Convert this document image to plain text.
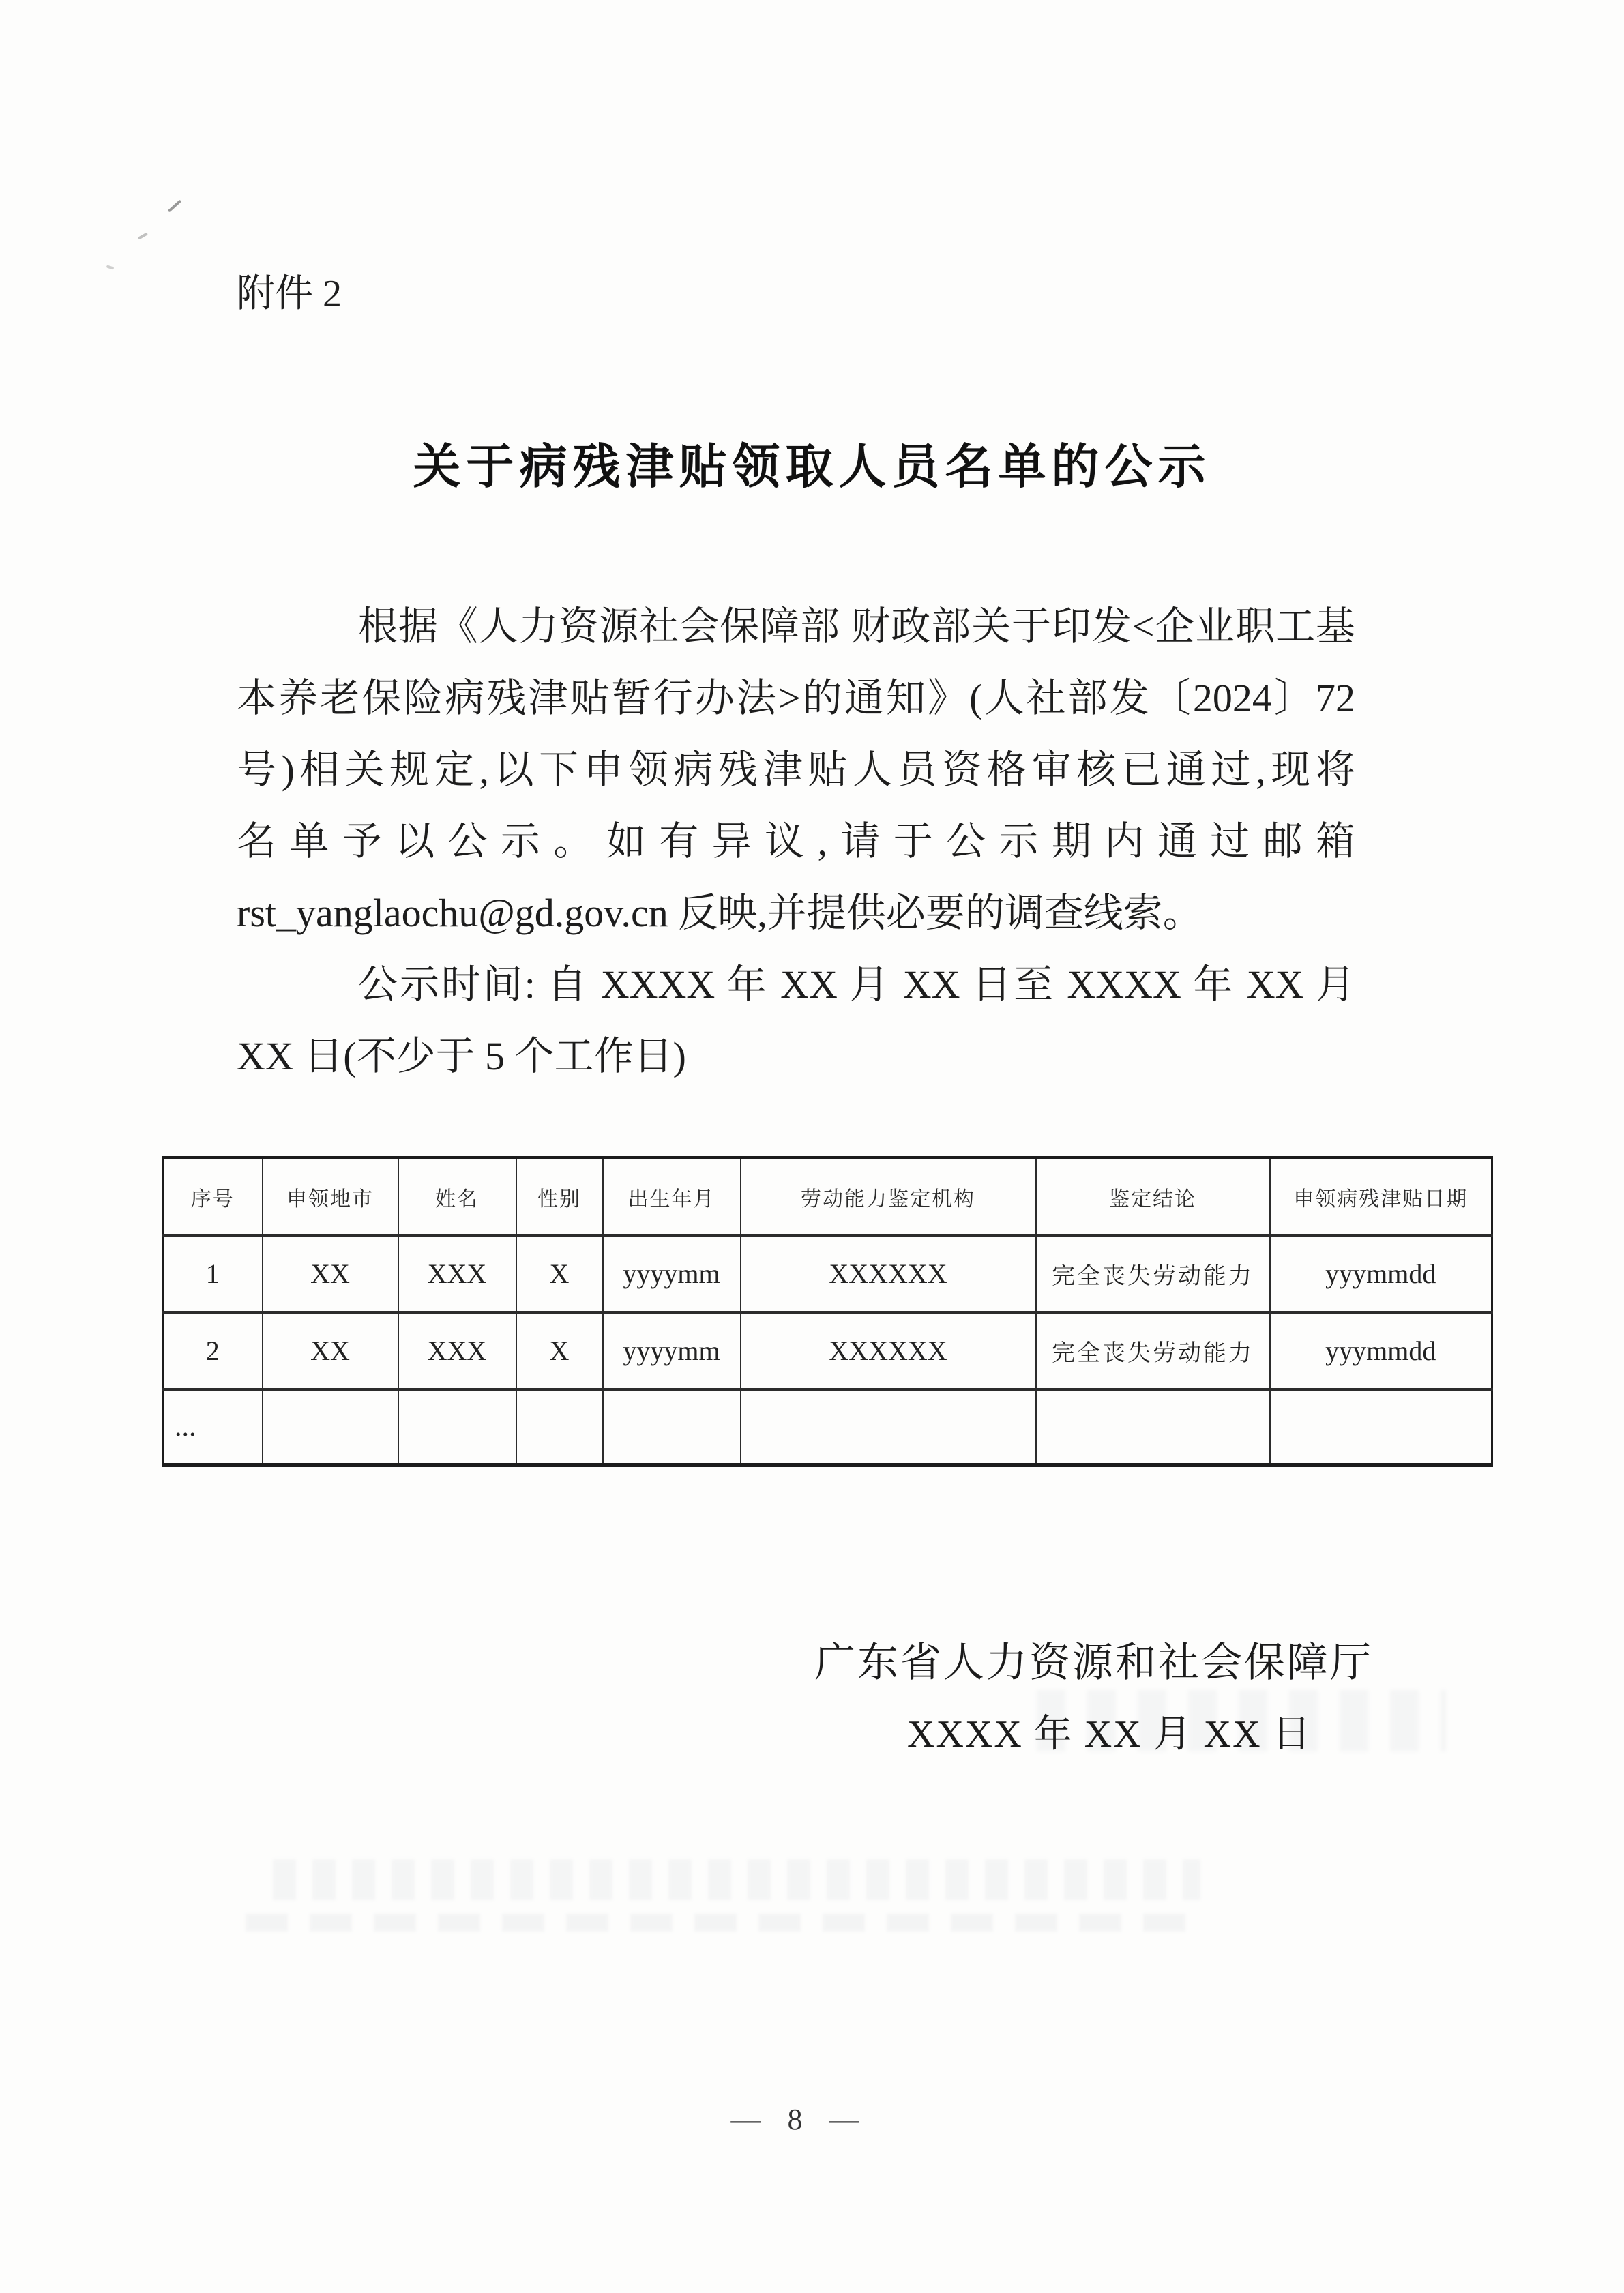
附件 2
关于病残津贴领取人员名单的公示
根据《人力资源社会保障部 财政部关于印发<企业职工基
本养老保险病残津贴暂行办法>的通知》(人社部发〔2024〕72
号)相关规定,以下申领病残津贴人员资格审核已通过,现将
名单予以公示。如有异议,请于公示期内通过邮箱
rst_yanglaochu@gd.gov.cn 反映,并提供必要的调查线索。
公示时间: 自 XXXX 年 XX 月 XX 日至 XXXX 年 XX 月
XX 日(不少于 5 个工作日)
序号	申领地市	姓名	性别	出生年月	劳动能力鉴定机构	鉴定结论	申领病残津贴日期
1	XX	XXX	X	yyyymm	XXXXXX	完全丧失劳动能力	yyymmdd
2	XX	XXX	X	yyyymm	XXXXXX	完全丧失劳动能力	yyymmdd
...							
广东省人力资源和社会保障厅
XXXX 年 XX 月 XX 日
— 8 —
